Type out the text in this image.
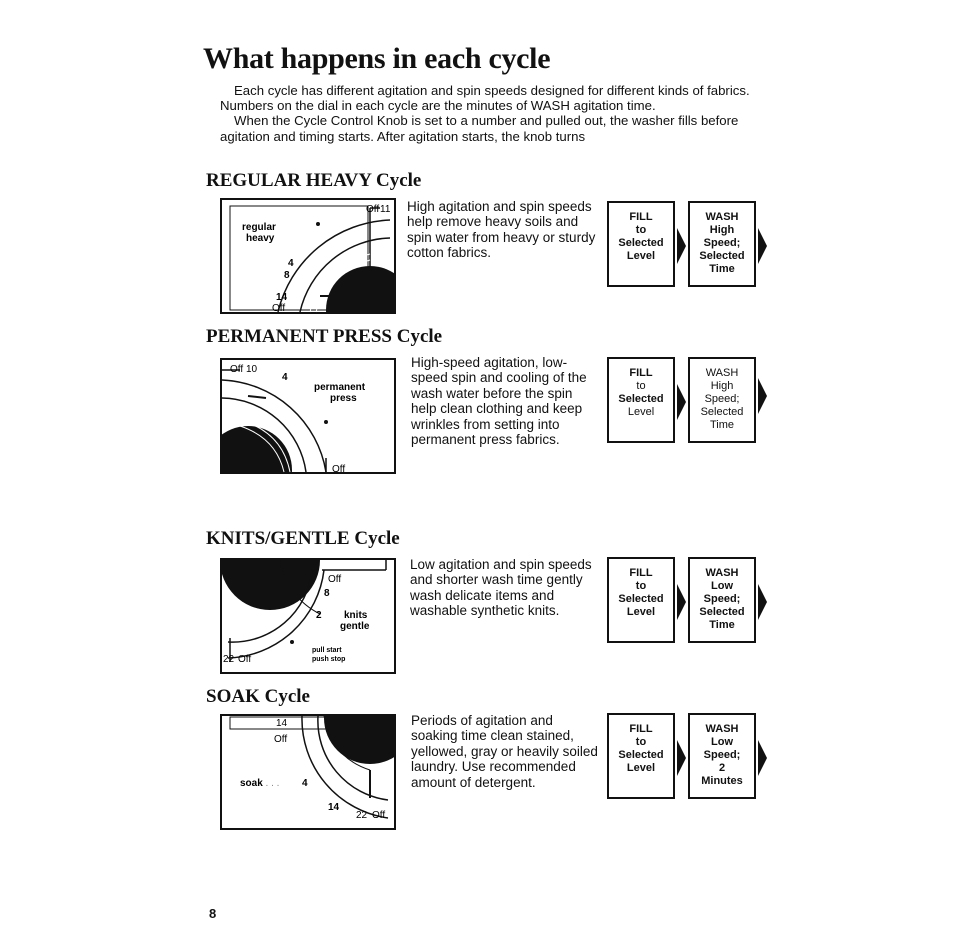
What happens in each cycle

Each cycle has different agitation and spin speeds designed for different kinds of fabrics. Numbers on the dial in each cycle are the minutes of WASH agitation time.

When the Cycle Control Knob is set to a number and pulled out, the washer fills before agitation and timing starts. After agitation starts, the knob turns

REGULAR HEAVY Cycle
regular
heavy
Off 11
4
8
14
Off
High agitation and spin speeds help remove heavy soils and spin water from heavy or sturdy cotton fabrics.
FILL
to
Selected
Level
WASH
High
Speed;
Selected
Time
PERMANENT PRESS Cycle
Off 10
4
permanent
press
Off
High-speed agitation, low-speed spin and cooling of the wash water before the spin help clean clothing and keep wrinkles from setting into permanent press fabrics.
FILL
to
Selected
Level
WASH
High
Speed;
Selected
Time
KNITS/GENTLE Cycle
Off
8
2 knits
gentle
pull start
push stop
22 Off
Low agitation and spin speeds and shorter wash time gently wash delicate items and washable synthetic knits.
FILL
to
Selected
Level
WASH
Low
Speed;
Selected
Time
SOAK Cycle
. . . .
14
Off
soak	4
14
22 Off
Periods of agitation and soaking time clean stained, yellowed, gray or heavily soiled laundry. Use recommended amount of detergent.
FILL
to
Selected
Level
WASH
Low
Speed;
2
Minutes
8
